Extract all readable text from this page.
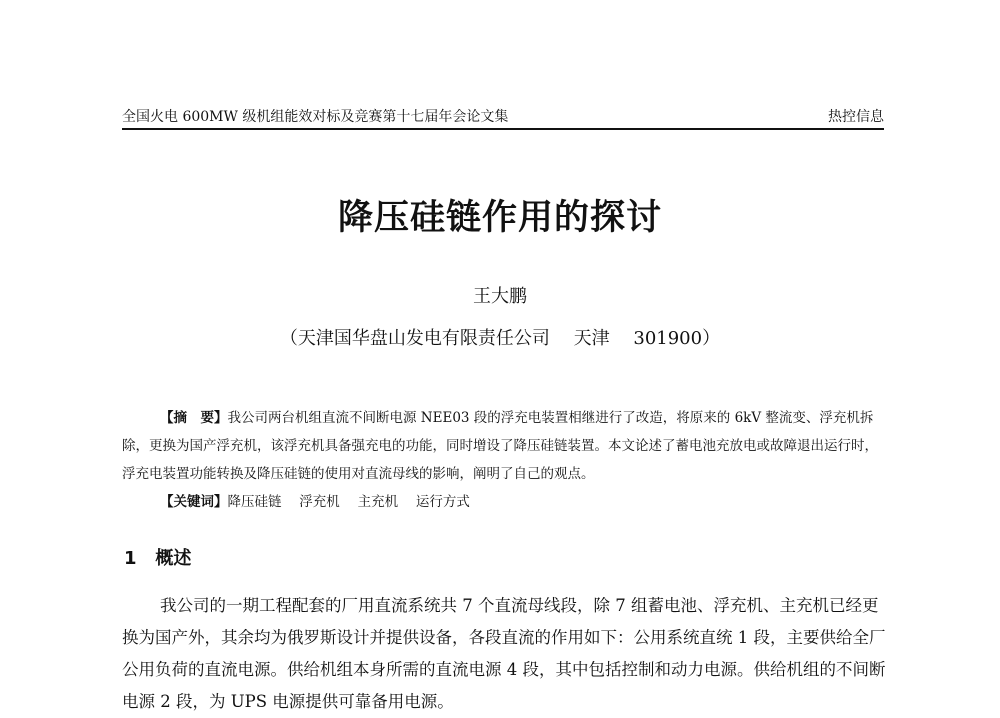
全国火电 600MW 级机组能效对标及竞赛第十七届年会论文集	热控信息
降压硅链作用的探讨
王大鹏
（天津国华盘山发电有限责任公司　 天津　 301900）
【摘　要】我公司两台机组直流不间断电源 NEE03 段的浮充电装置相继进行了改造，将原来的 6kV 整流变、浮充机拆除，更换为国产浮充机，该浮充机具备强充电的功能，同时增设了降压硅链装置。本文论述了蓄电池充放电或故障退出运行时，浮充电装置功能转换及降压硅链的使用对直流母线的影响，阐明了自己的观点。
【关键词】降压硅链　 浮充机　 主充机　 运行方式
1 概述
我公司的一期工程配套的厂用直流系统共 7 个直流母线段，除 7 组蓄电池、浮充机、主充机已经更换为国产外，其余均为俄罗斯设计并提供设备，各段直流的作用如下：公用系统直统 1 段，主要供给全厂公用负荷的直流电源。供给机组本身所需的直流电源 4 段，其中包括控制和动力电源。供给机组的不间断电源 2 段，为 UPS 电源提供可靠备用电源。
